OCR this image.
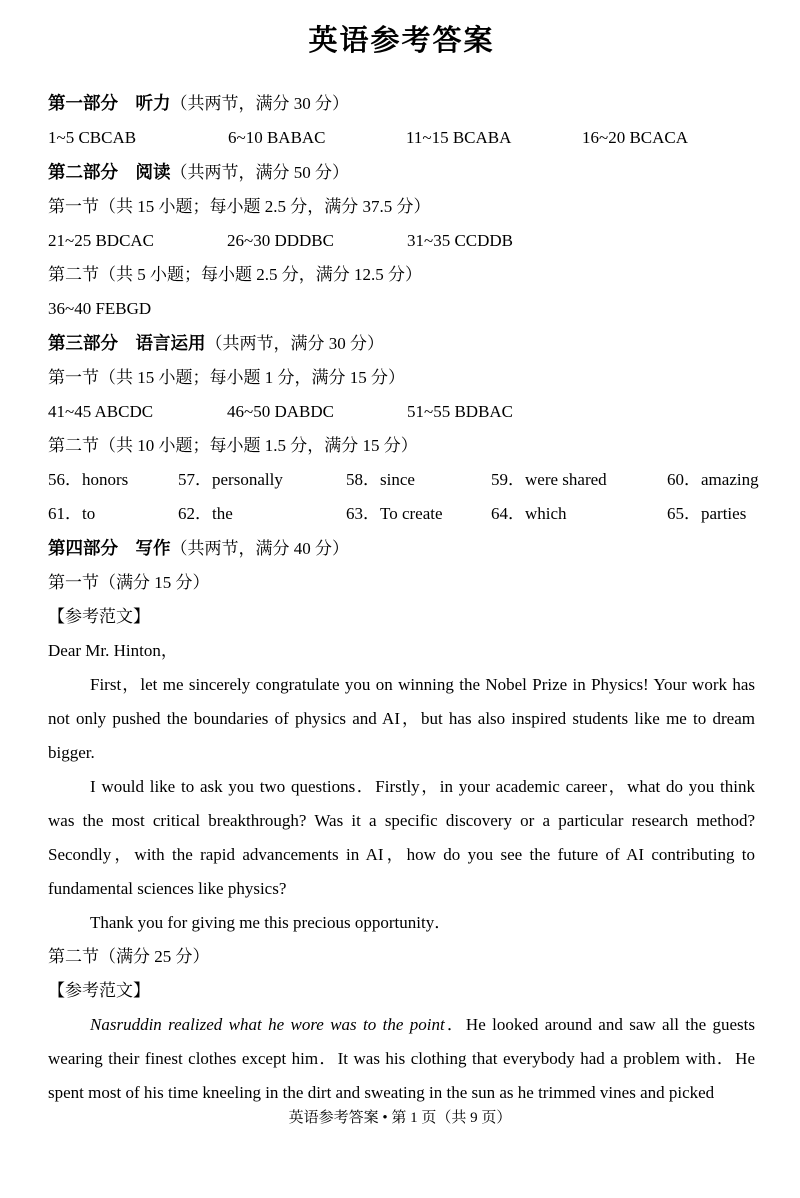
英语参考答案
第一部分　听力（共两节，满分 30 分）
1~5 CBCAB	6~10 BABAC	11~15 BCABA	16~20 BCACA
第二部分　阅读（共两节，满分 50 分）
第一节（共 15 小题；每小题 2.5 分，满分 37.5 分）
21~25 BDCAC	26~30 DDDBC	31~35 CCDDB
第二节（共 5 小题；每小题 2.5 分，满分 12.5 分）
36~40 FEBGD
第三部分　语言运用（共两节，满分 30 分）
第一节（共 15 小题；每小题 1 分，满分 15 分）
41~45 ABCDC	46~50 DABDC	51~55 BDBAC
第二节（共 10 小题；每小题 1.5 分，满分 15 分）
56．honors	57．personally	58．since	59．were shared	60．amazing
61．to	62．the	63．To create	64．which	65．parties
第四部分　写作（共两节，满分 40 分）
第一节（满分 15 分）
【参考范文】

Dear Mr. Hinton，

First，let me sincerely congratulate you on winning the Nobel Prize in Physics! Your work has not only pushed the boundaries of physics and AI，but has also inspired students like me to dream bigger.

I would like to ask you two questions．Firstly，in your academic career，what do you think was the most critical breakthrough? Was it a specific discovery or a particular research method? Secondly，with the rapid advancements in AI，how do you see the future of AI contributing to fundamental sciences like physics?

Thank you for giving me this precious opportunity．

第二节（满分 25 分）
【参考范文】

Nasruddin realized what he wore was to the point．He looked around and saw all the guests wearing their finest clothes except him．It was his clothing that everybody had a problem with．He spent most of his time kneeling in the dirt and sweating in the sun as he trimmed vines and picked

英语参考答案 • 第 1 页（共 9 页）
